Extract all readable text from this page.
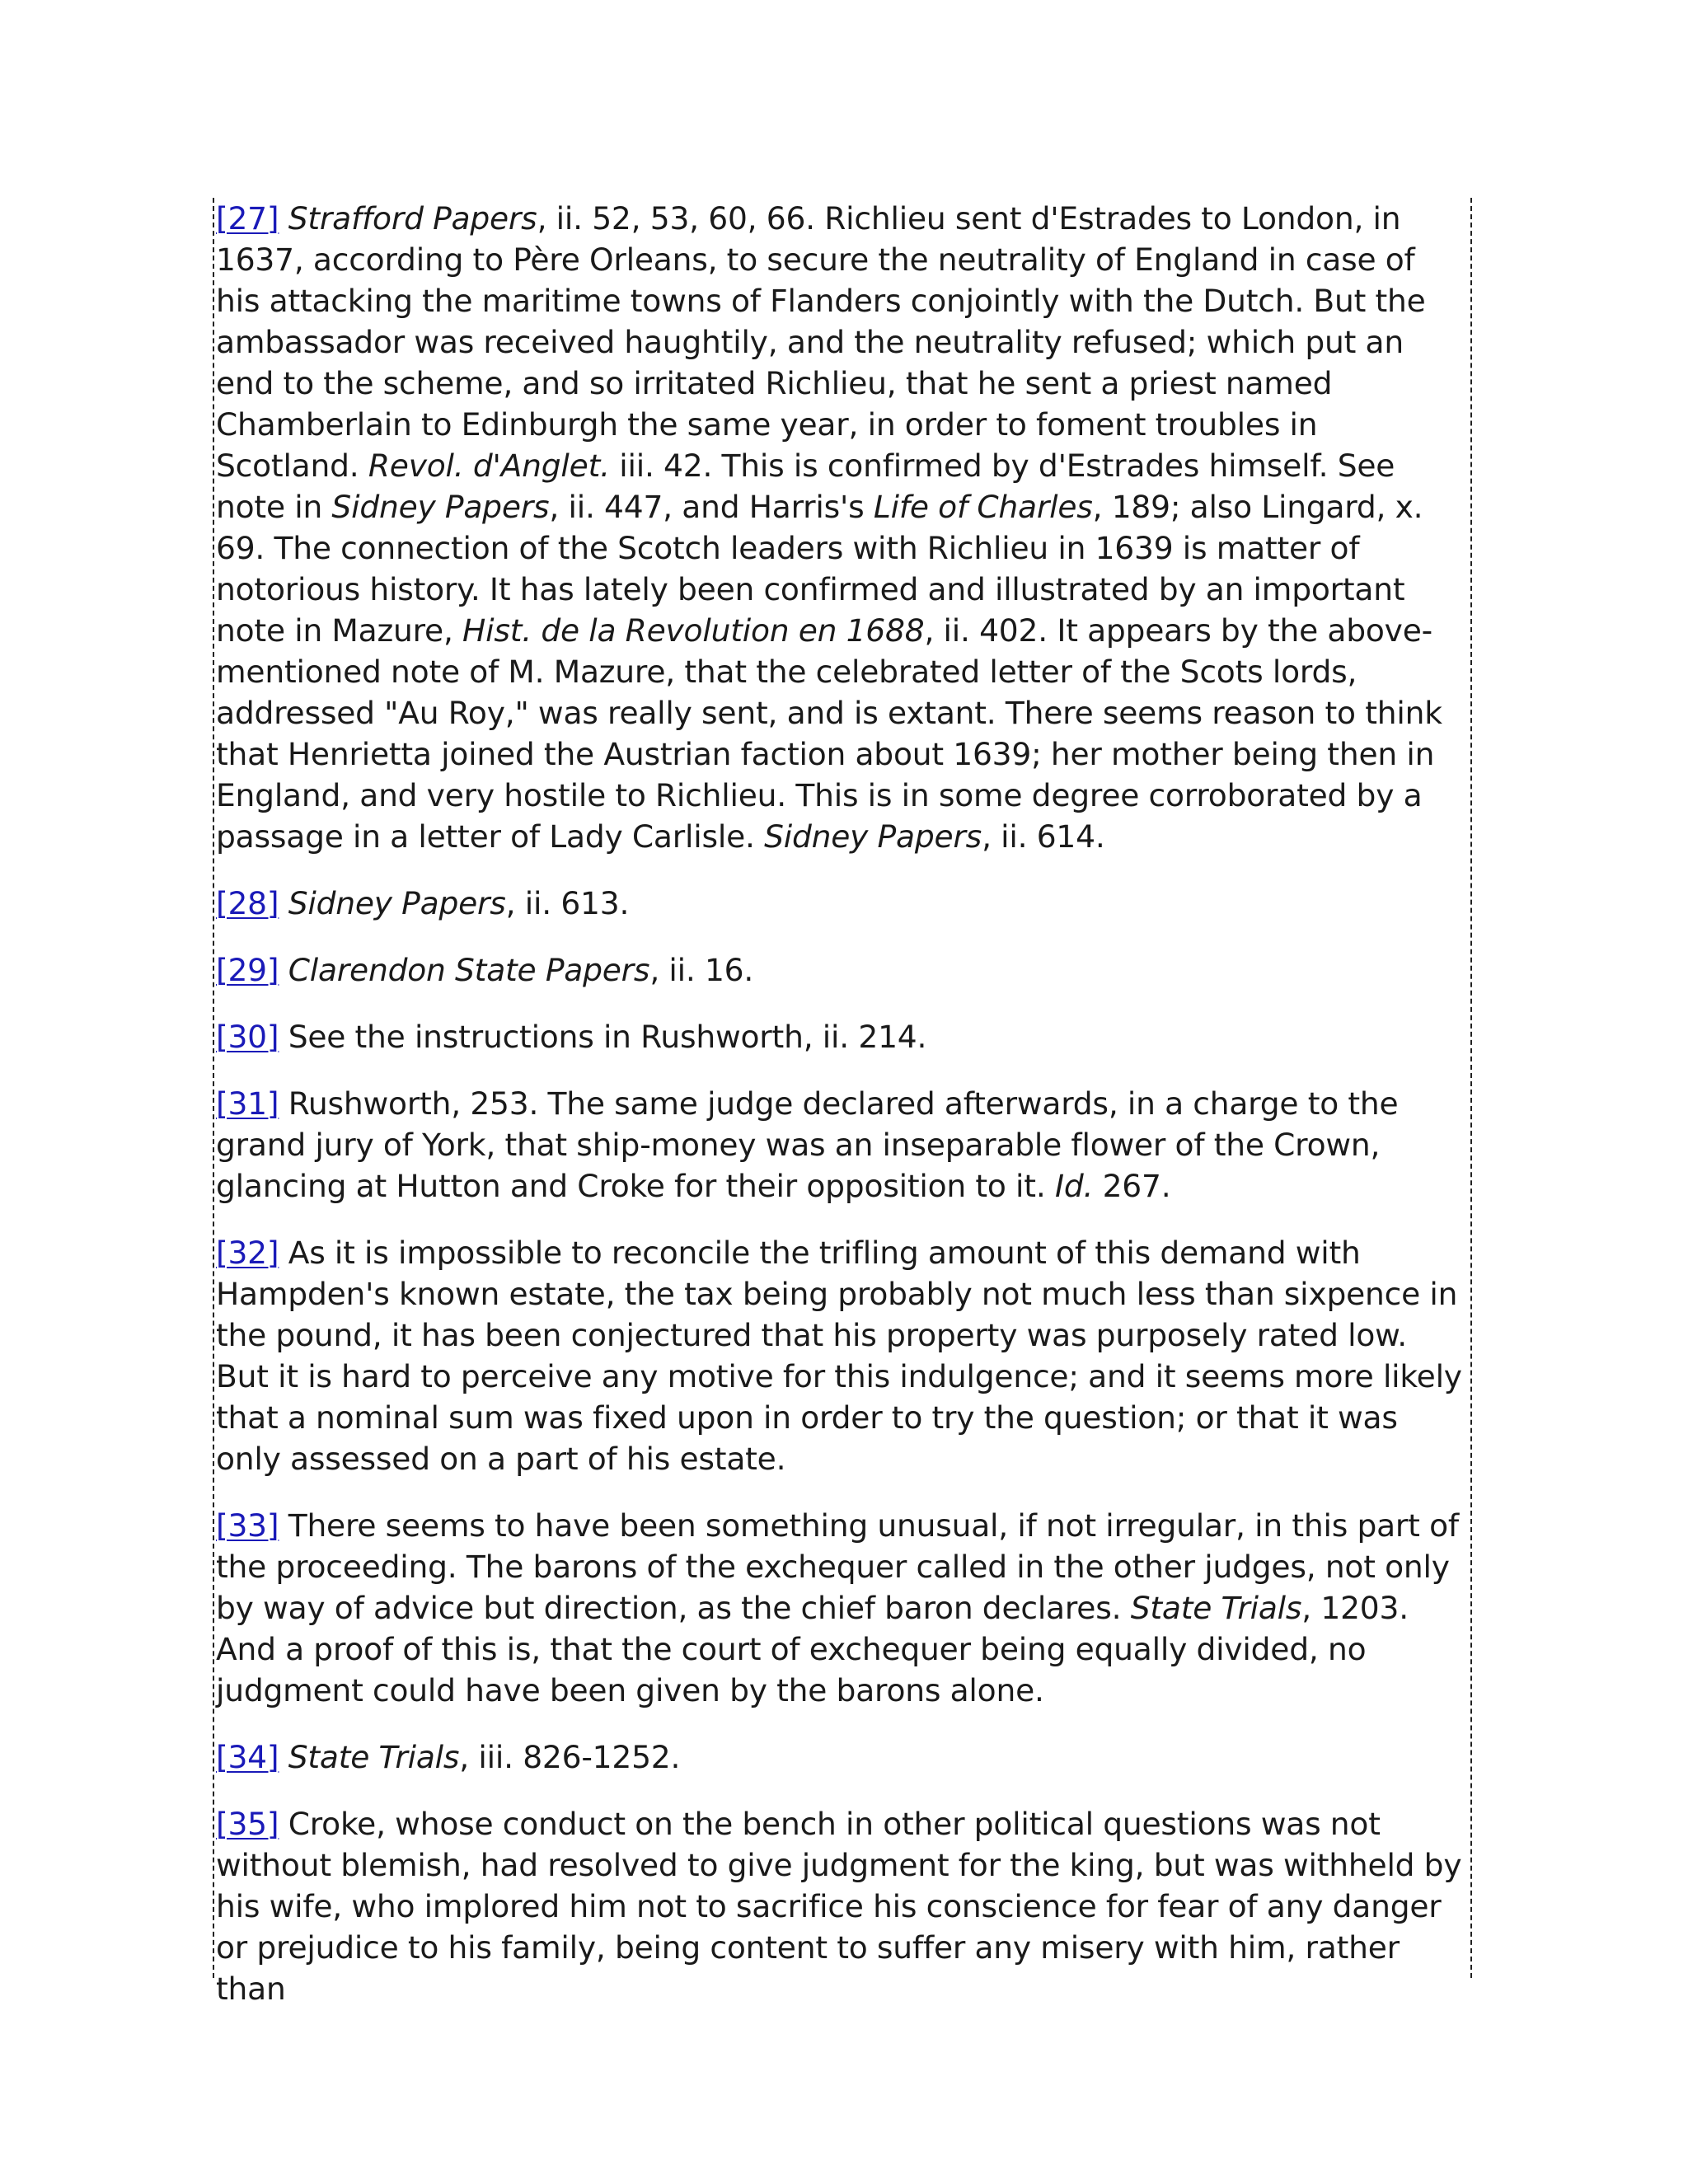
[27] Strafford Papers, ii. 52, 53, 60, 66. Richlieu sent d'Estrades to London, in 1637, according to Père Orleans, to secure the neutrality of England in case of his attacking the maritime towns of Flanders conjointly with the Dutch. But the ambassador was received haughtily, and the neutrality refused; which put an end to the scheme, and so irritated Richlieu, that he sent a priest named Chamberlain to Edinburgh the same year, in order to foment troubles in Scotland. Revol. d'Anglet. iii. 42. This is confirmed by d'Estrades himself. See note in Sidney Papers, ii. 447, and Harris's Life of Charles, 189; also Lingard, x. 69. The connection of the Scotch leaders with Richlieu in 1639 is matter of notorious history. It has lately been confirmed and illustrated by an important note in Mazure, Hist. de la Revolution en 1688, ii. 402. It appears by the above-mentioned note of M. Mazure, that the celebrated letter of the Scots lords, addressed "Au Roy," was really sent, and is extant. There seems reason to think that Henrietta joined the Austrian faction about 1639; her mother being then in England, and very hostile to Richlieu. This is in some degree corroborated by a passage in a letter of Lady Carlisle. Sidney Papers, ii. 614.

[28] Sidney Papers, ii. 613.

[29] Clarendon State Papers, ii. 16.

[30] See the instructions in Rushworth, ii. 214.

[31] Rushworth, 253. The same judge declared afterwards, in a charge to the grand jury of York, that ship-money was an inseparable flower of the Crown, glancing at Hutton and Croke for their opposition to it. Id. 267.

[32] As it is impossible to reconcile the trifling amount of this demand with Hampden's known estate, the tax being probably not much less than sixpence in the pound, it has been conjectured that his property was purposely rated low. But it is hard to perceive any motive for this indulgence; and it seems more likely that a nominal sum was fixed upon in order to try the question; or that it was only assessed on a part of his estate.

[33] There seems to have been something unusual, if not irregular, in this part of the proceeding. The barons of the exchequer called in the other judges, not only by way of advice but direction, as the chief baron declares. State Trials, 1203. And a proof of this is, that the court of exchequer being equally divided, no judgment could have been given by the barons alone.

[34] State Trials, iii. 826-1252.

[35] Croke, whose conduct on the bench in other political questions was not without blemish, had resolved to give judgment for the king, but was withheld by his wife, who implored him not to sacrifice his conscience for fear of any danger or prejudice to his family, being content to suffer any misery with him, rather than
